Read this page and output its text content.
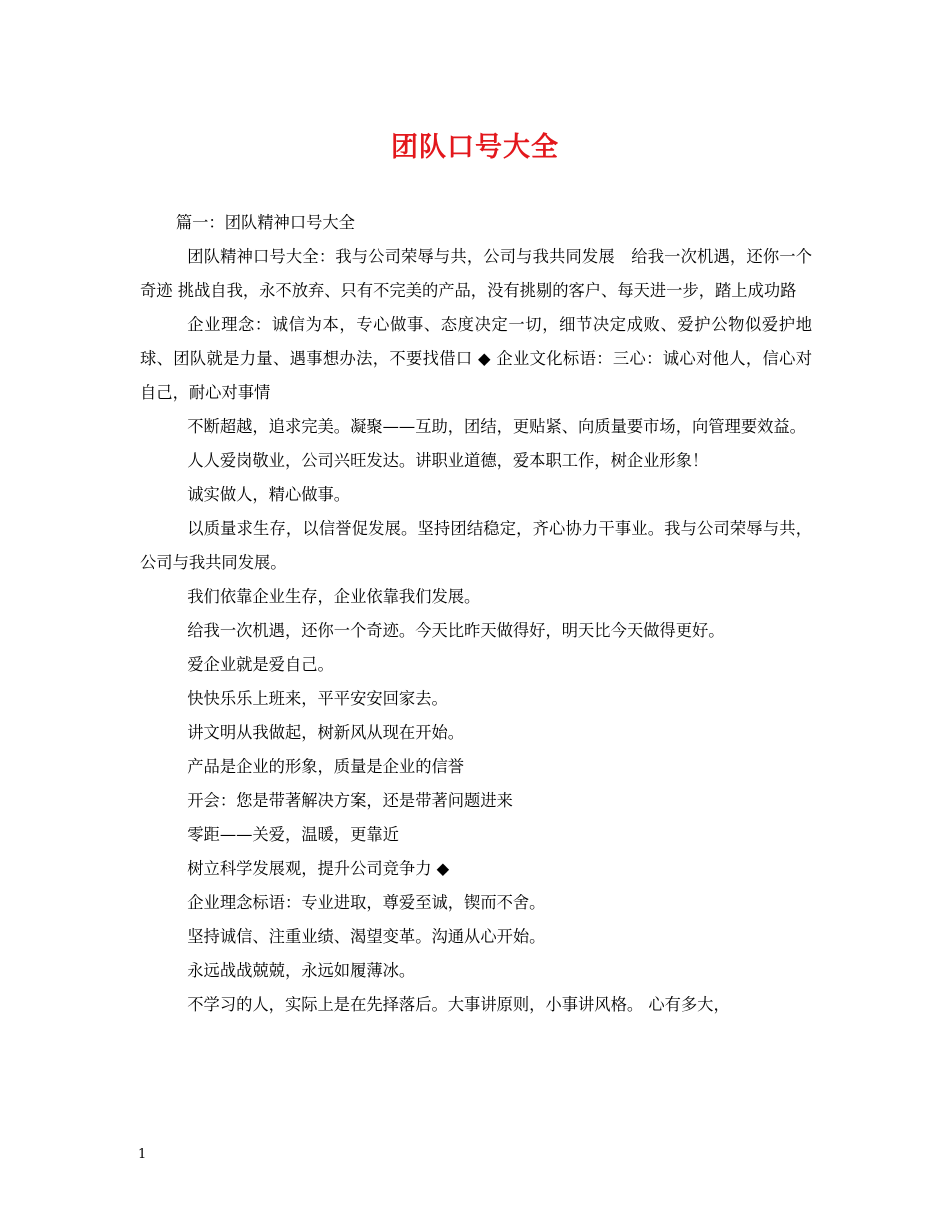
团队口号大全

篇一：团队精神口号大全

团队精神口号大全：我与公司荣辱与共，公司与我共同发展　给我一次机遇，还你一个奇迹 挑战自我，永不放弃、只有不完美的产品，没有挑剔的客户、每天进一步，踏上成功路

企业理念：诚信为本，专心做事、态度决定一切，细节决定成败、爱护公物似爱护地球、团队就是力量、遇事想办法，不要找借口 ◆ 企业文化标语：三心：诚心对他人，信心对自己，耐心对事情

不断超越，追求完美。凝聚——互助，团结，更贴紧、向质量要市场，向管理要效益。

人人爱岗敬业，公司兴旺发达。讲职业道德，爱本职工作，树企业形象！

诚实做人，精心做事。

以质量求生存，以信誉促发展。坚持团结稳定，齐心协力干事业。我与公司荣辱与共，公司与我共同发展。

我们依靠企业生存，企业依靠我们发展。

给我一次机遇，还你一个奇迹。今天比昨天做得好，明天比今天做得更好。

爱企业就是爱自己。

快快乐乐上班来，平平安安回家去。

讲文明从我做起，树新风从现在开始。

产品是企业的形象，质量是企业的信誉

开会：您是带著解决方案，还是带著问题进来

零距——关爱，温暖，更靠近

树立科学发展观，提升公司竞争力 ◆

企业理念标语：专业进取，尊爱至诚，锲而不舍。

坚持诚信、注重业绩、渴望变革。沟通从心开始。

永远战战兢兢，永远如履薄冰。

不学习的人，实际上是在先择落后。大事讲原则，小事讲风格。 心有多大，

1
